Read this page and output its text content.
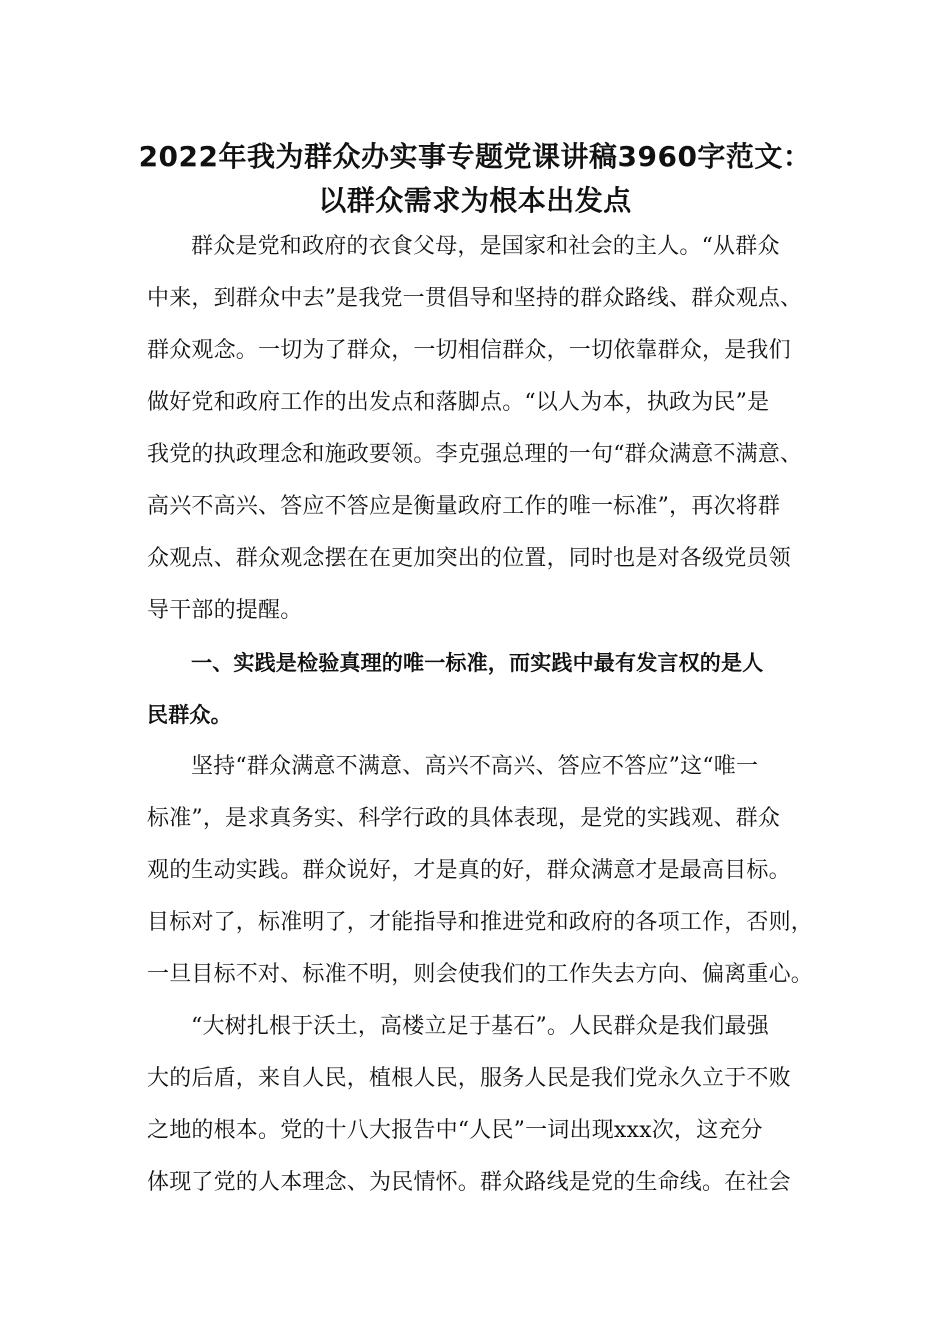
2022年我为群众办实事专题党课讲稿3960字范文：
以群众需求为根本出发点
群众是党和政府的衣食父母，是国家和社会的主人。“从群众
中来，到群众中去”是我党一贯倡导和坚持的群众路线、群众观点、
群众观念。一切为了群众，一切相信群众，一切依靠群众，是我们
做好党和政府工作的出发点和落脚点。“以人为本，执政为民”是
我党的执政理念和施政要领。李克强总理的一句“群众满意不满意、
高兴不高兴、答应不答应是衡量政府工作的唯一标准”，再次将群
众观点、群众观念摆在在更加突出的位置，同时也是对各级党员领
导干部的提醒。
一、实践是检验真理的唯一标准，而实践中最有发言权的是人
民群众。
坚持“群众满意不满意、高兴不高兴、答应不答应”这“唯一
标准”，是求真务实、科学行政的具体表现，是党的实践观、群众
观的生动实践。群众说好，才是真的好，群众满意才是最高目标。
目标对了，标准明了，才能指导和推进党和政府的各项工作，否则，
一旦目标不对、标准不明，则会使我们的工作失去方向、偏离重心。
“大树扎根于沃土，高楼立足于基石”。人民群众是我们最强
大的后盾，来自人民，植根人民，服务人民是我们党永久立于不败
之地的根本。党的十八大报告中“人民”一词出现xxx次，这充分
体现了党的人本理念、为民情怀。群众路线是党的生命线。在社会
